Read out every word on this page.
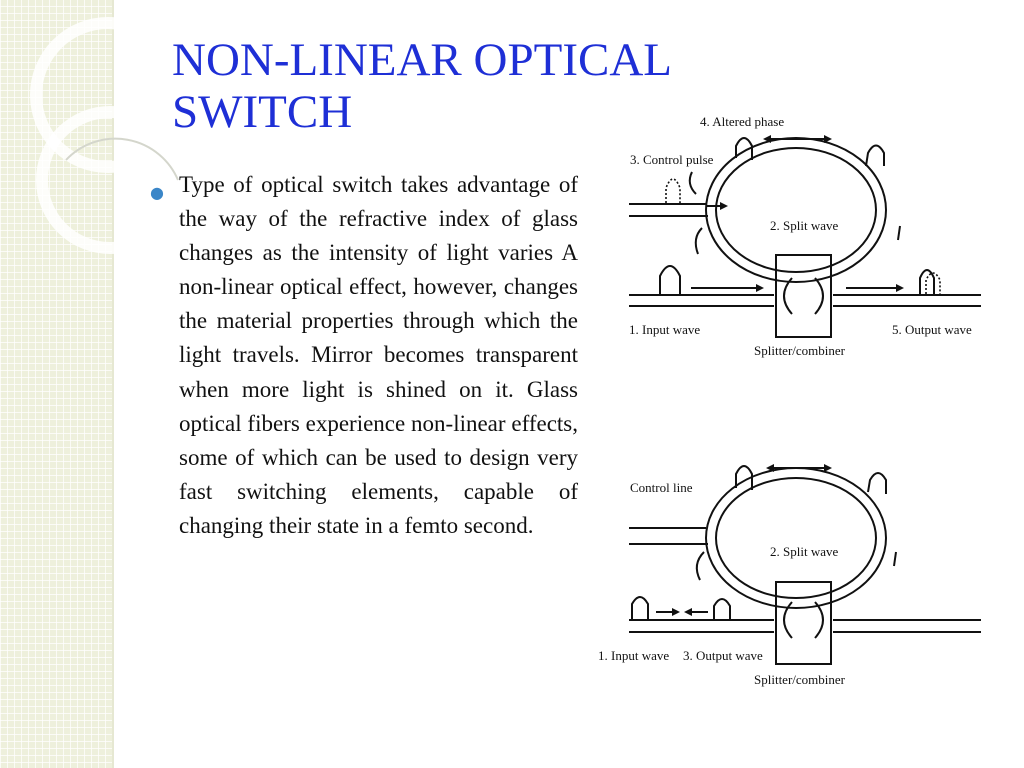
NON-LINEAR OPTICAL
SWITCH
● Type of optical switch takes advantage of the way of the refractive index of glass changes as the intensity of light varies A non-linear optical effect, however, changes the material properties through which the light travels. Mirror becomes transparent when more light is shined on it. Glass optical fibers experience non-linear effects, some of which can be used to design very fast switching elements, capable of changing their state in a femto second.

4. Altered phase
3. Control pulse
2. Split wave
1. Input wave	5. Output wave
Splitter/combiner
Control line
2. Split wave
1. Input wave 3. Output wave
Splitter/combiner
